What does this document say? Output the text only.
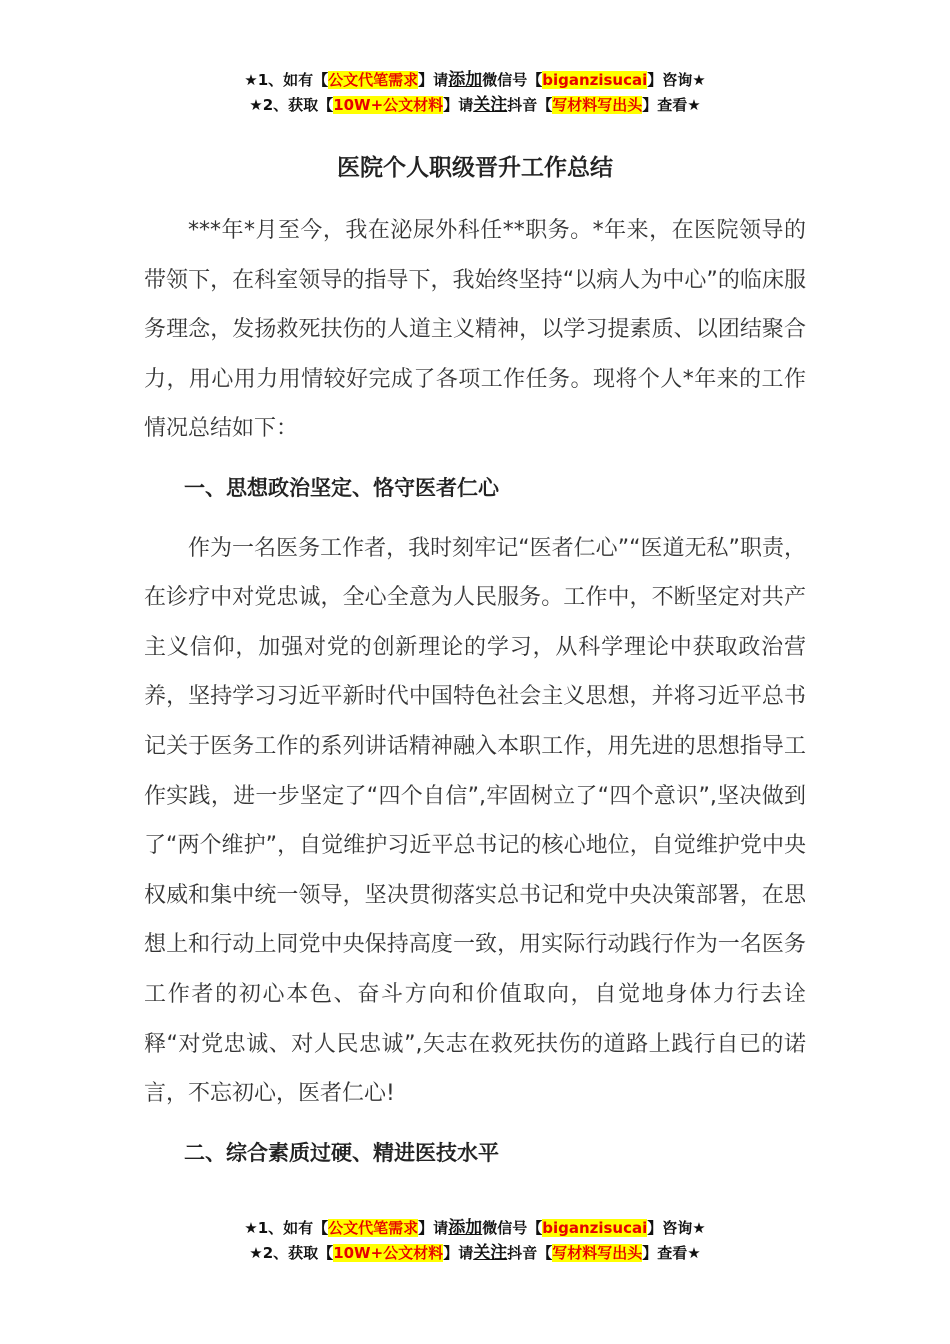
★1、如有【公文代笔需求】请添加微信号【biganzisucai】咨询★
★2、获取【10W+公文材料】请关注抖音【写材料写出头】查看★
医院个人职级晋升工作总结

***年*月至今，我在泌尿外科任**职务。*年来，在医院领导的带领下，在科室领导的指导下，我始终坚持“以病人为中心”的临床服务理念，发扬救死扶伤的人道主义精神，以学习提素质、以团结聚合力，用心用力用情较好完成了各项工作任务。现将个人*年来的工作情况总结如下：

一、思想政治坚定、恪守医者仁心

作为一名医务工作者，我时刻牢记“医者仁心”“医道无私”职责，在诊疗中对党忠诚，全心全意为人民服务。工作中，不断坚定对共产主义信仰，加强对党的创新理论的学习，从科学理论中获取政治营养，坚持学习习近平新时代中国特色社会主义思想，并将习近平总书记关于医务工作的系列讲话精神融入本职工作，用先进的思想指导工作实践，进一步坚定了“四个自信”,牢固树立了“四个意识”,坚决做到了“两个维护”，自觉维护习近平总书记的核心地位，自觉维护党中央权威和集中统一领导，坚决贯彻落实总书记和党中央决策部署，在思想上和行动上同党中央保持高度一致，用实际行动践行作为一名医务工作者的初心本色、奋斗方向和价值取向，自觉地身体力行去诠释“对党忠诚、对人民忠诚”,矢志在救死扶伤的道路上践行自已的诺言，不忘初心，医者仁心!

二、综合素质过硬、精进医技水平

★1、如有【公文代笔需求】请添加微信号【biganzisucai】咨询★
★2、获取【10W+公文材料】请关注抖音【写材料写出头】查看★
